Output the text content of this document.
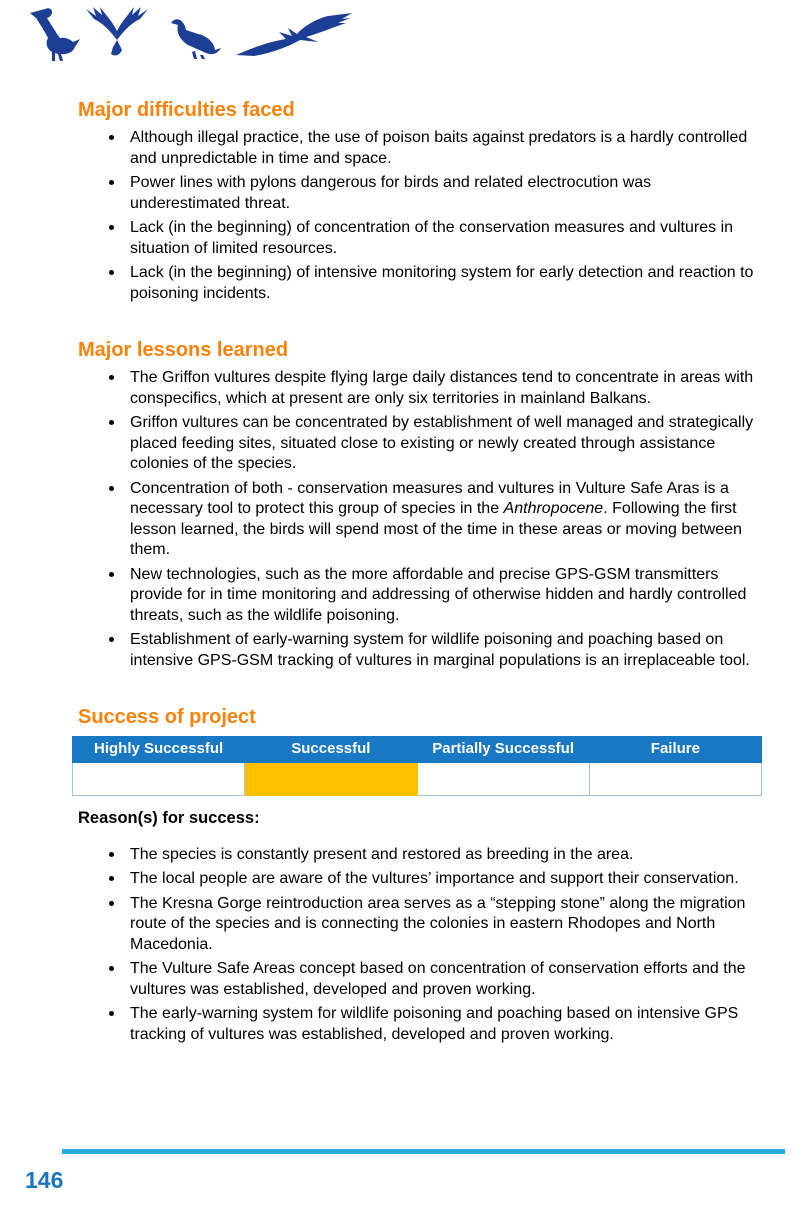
Major difficulties faced
Although illegal practice, the use of poison baits against predators is a hardly controlled and unpredictable in time and space.
Power lines with pylons dangerous for birds and related electrocution was underestimated threat.
Lack (in the beginning) of concentration of the conservation measures and vultures in situation of limited resources.
Lack (in the beginning) of intensive monitoring system for early detection and reaction to poisoning incidents.
Major lessons learned
The Griffon vultures despite flying large daily distances tend to concentrate in areas with conspecifics, which at present are only six territories in mainland Balkans.
Griffon vultures can be concentrated by establishment of well managed and strategically placed feeding sites, situated close to existing or newly created through assistance colonies of the species.
Concentration of both - conservation measures and vultures in Vulture Safe Aras is a necessary tool to protect this group of species in the Anthropocene. Following the first lesson learned, the birds will spend most of the time in these areas or moving between them.
New technologies, such as the more affordable and precise GPS-GSM transmitters provide for in time monitoring and addressing of otherwise hidden and hardly controlled threats, such as the wildlife poisoning.
Establishment of early-warning system for wildlife poisoning and poaching based on intensive GPS-GSM tracking of vultures in marginal populations is an irreplaceable tool.
Success of project
Highly Successful	Successful	Partially Successful	Failure

Reason(s) for success:

The species is constantly present and restored as breeding in the area.
The local people are aware of the vultures’ importance and support their conservation.
The Kresna Gorge reintroduction area serves as a “stepping stone” along the migration route of the species and is connecting the colonies in eastern Rhodopes and North Macedonia.
The Vulture Safe Areas concept based on concentration of conservation efforts and the vultures was established, developed and proven working.
The early-warning system for wildlife poisoning and poaching based on intensive GPS tracking of vultures was established, developed and proven working.
146
